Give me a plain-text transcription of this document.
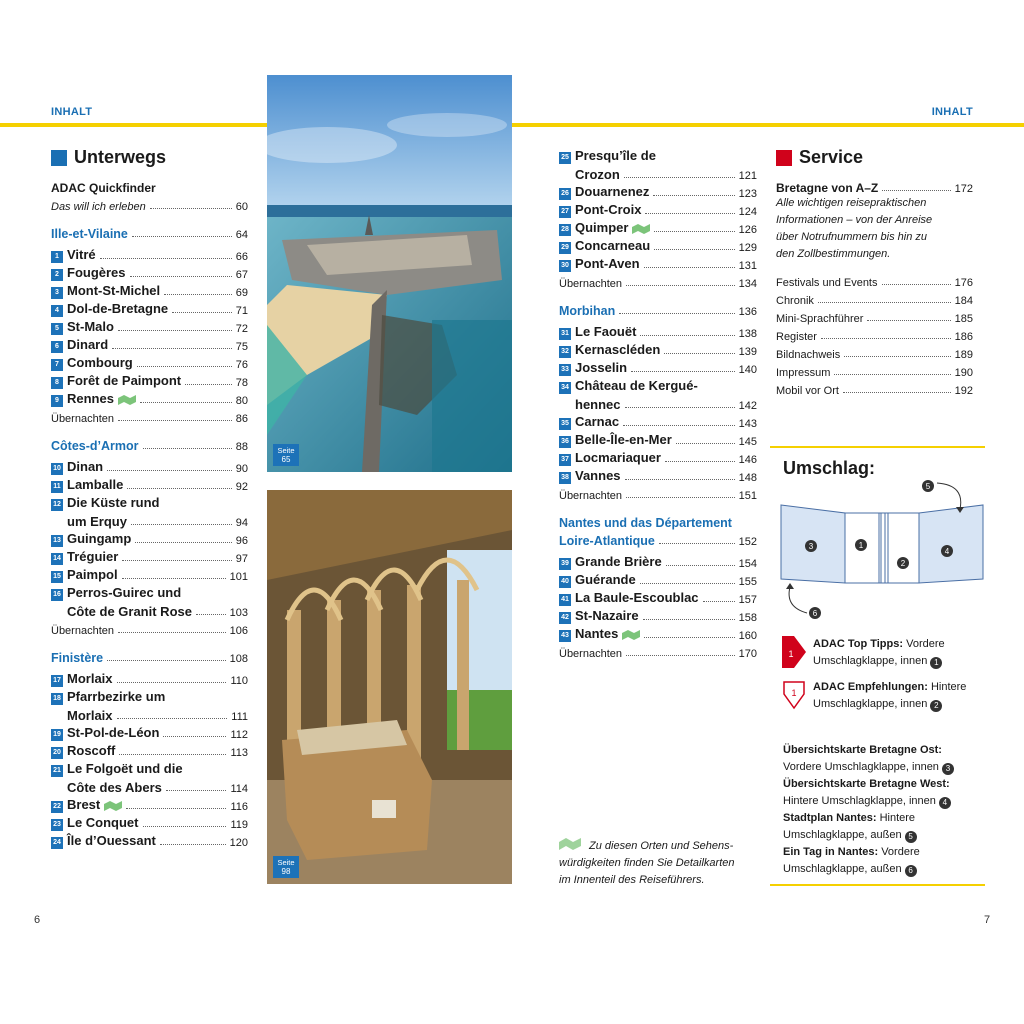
INHALT	INHALT
Seite
65
Seite
98
Unterwegs
ADAC Quickfinder
Das will ich erleben	60
Ille-et-Vilaine	64
1 Vitré	66
2 Fougères	67
3 Mont-St-Michel	69
4 Dol-de-Bretagne	71
5 St-Malo	72
6 Dinard	75
7 Combourg	76
8 Forêt de Paimpont	78
9 Rennes	80
Übernachten	86
Côtes-d’Armor	88
10 Dinan	90
11 Lamballe	92
12 Die Küste rund
um Erquy	94
13 Guingamp	96
14 Tréguier	97
15 Paimpol	101
16 Perros-Guirec und
Côte de Granit Rose	103
Übernachten	106
Finistère	108
17 Morlaix	110
18 Pfarrbezirke um
Morlaix	111
19 St-Pol-de-Léon	112
20 Roscoff	113
21 Le Folgoët und die
Côte des Abers	114
22 Brest	116
23 Le Conquet	119
24 Île d’Ouessant	120
25 Presqu’île de
Crozon	121
26 Douarnenez	123
27 Pont-Croix	124
28 Quimper	126
29 Concarneau	129
30 Pont-Aven	131
Übernachten	134
Morbihan	136
31 Le Faouët	138
32 Kernascléden	139
33 Josselin	140
34 Château de Kergué-
hennec	142
35 Carnac	143
36 Belle-Île-en-Mer	145
37 Locmariaquer	146
38 Vannes	148
Übernachten	151
Nantes und das Département
Loire-Atlantique	152
39 Grande Brière	154
40 Guérande	155
41 La Baule-Escoublac	157
42 St-Nazaire	158
43 Nantes	160
Übernachten	170
Zu diesen Orten und Sehens-
würdigkeiten finden Sie Detailkarten
im Innenteil des Reiseführers.
Service
Bretagne von A–Z	172
Alle wichtigen reisepraktischen
Informationen – von der Anreise
über Notrufnummern bis hin zu
den Zollbestimmungen.
Festivals und Events	176
Chronik	184
Mini-Sprachführer	185
Register	186
Bildnachweis	189
Impressum	190
Mobil vor Ort	192
Umschlag:
3	1
2
4
5
6
1
ADAC Top Tipps: Vordere
Umschlagklappe, innen 1
1 ADAC Empfehlungen: Hintere
Umschlagklappe, innen 2
Übersichtskarte Bretagne Ost:
Vordere Umschlagklappe, innen 3
Übersichtskarte Bretagne West:
Hintere Umschlagklappe, innen 4
Stadtplan Nantes: Hintere
Umschlagklappe, außen 5
Ein Tag in Nantes: Vordere
Umschlagklappe, außen 6
6	7
